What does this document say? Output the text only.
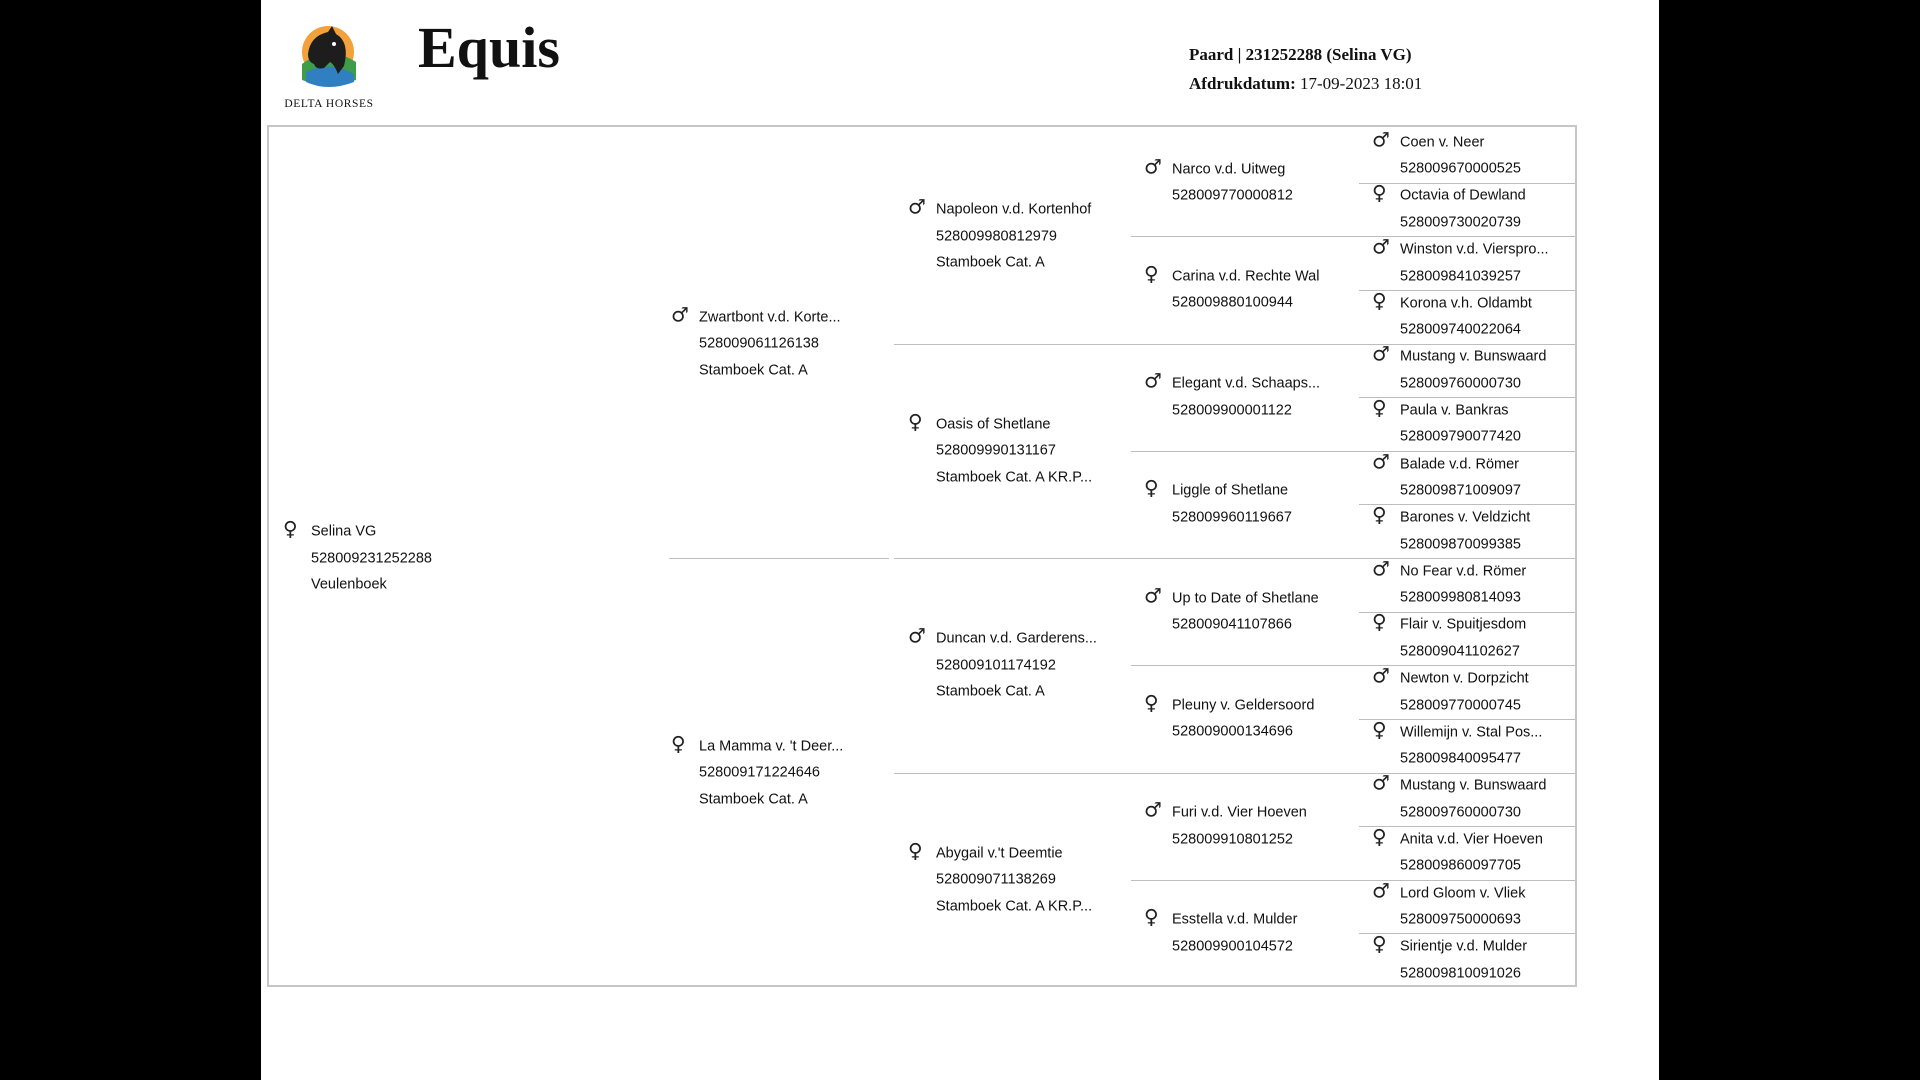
DELTA HORSES
Equis	Paard | 231252288 (Selina VG)
Afdrukdatum: 17-09-2023 18:01
♀ Selina VG
528009231252288
Veulenboek
♂ Zwartbont v.d. Korte...
528009061126138
Stamboek Cat. A
♀ La Mamma v. 't Deer...
528009171224646
Stamboek Cat. A
♂ Napoleon v.d. Kortenhof
528009980812979
Stamboek Cat. A
♀ Oasis of Shetlane
528009990131167
Stamboek Cat. A KR.P...
♂ Duncan v.d. Garderens...
528009101174192
Stamboek Cat. A
♀ Abygail v.'t Deemtie
528009071138269
Stamboek Cat. A KR.P...
♂ Narco v.d. Uitweg
528009770000812
♀ Carina v.d. Rechte Wal
528009880100944
♂ Elegant v.d. Schaaps...
528009900001122
♀ Liggle of Shetlane
528009960119667
♂ Up to Date of Shetlane
528009041107866
♀ Pleuny v. Geldersoord
528009000134696
♂ Furi v.d. Vier Hoeven
528009910801252
♀ Esstella v.d. Mulder
528009900104572
♂ Coen v. Neer
528009670000525
♀ Octavia of Dewland
528009730020739
♂ Winston v.d. Vierspro...
528009841039257
♀ Korona v.h. Oldambt
528009740022064
♂ Mustang v. Bunswaard
528009760000730
♀ Paula v. Bankras
528009790077420
♂ Balade v.d. Römer
528009871009097
♀ Barones v. Veldzicht
528009870099385
♂ No Fear v.d. Römer
528009980814093
♀ Flair v. Spuitjesdom
528009041102627
♂ Newton v. Dorpzicht
528009770000745
♀ Willemijn v. Stal Pos...
528009840095477
♂ Mustang v. Bunswaard
528009760000730
♀ Anita v.d. Vier Hoeven
528009860097705
♂ Lord Gloom v. Vliek
528009750000693
♀ Sirientje v.d. Mulder
528009810091026
